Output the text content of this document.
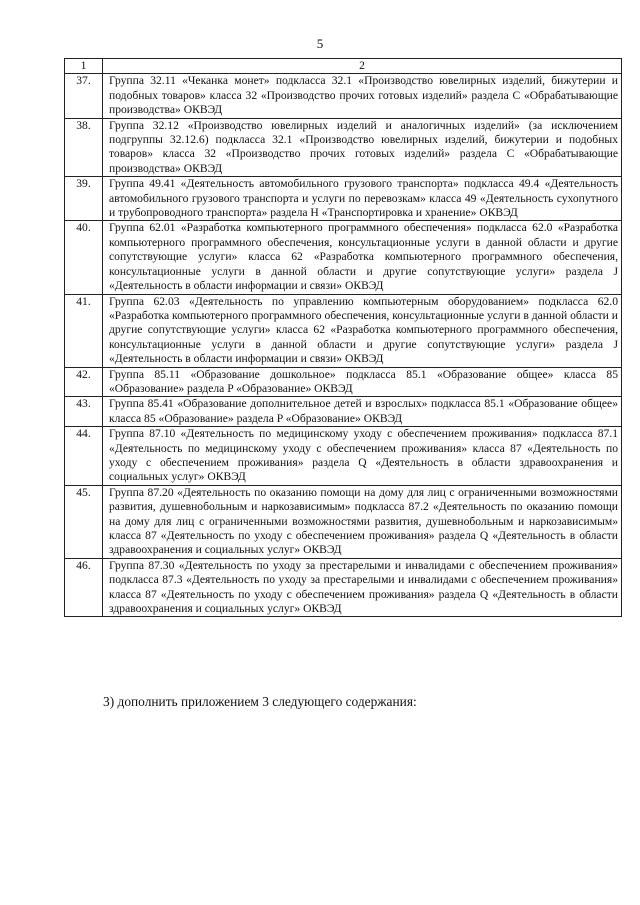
5
1	2
37.	Группа 32.11 «Чеканка монет» подкласса 32.1 «Производство ювелирных изделий, бижутерии и подобных товаров» класса 32 «Производство прочих готовых изделий» раздела C «Обрабатывающие производства» ОКВЭД
38.	Группа 32.12 «Производство ювелирных изделий и аналогичных изделий» (за исключением подгруппы 32.12.6) подкласса 32.1 «Производство ювелирных изделий, бижутерии и подобных товаров» класса 32 «Производство прочих готовых изделий» раздела C «Обрабатывающие производства» ОКВЭД
39.	Группа 49.41 «Деятельность автомобильного грузового транспорта» подкласса 49.4 «Деятельность автомобильного грузового транспорта и услуги по перевозкам» класса 49 «Деятельность сухопутного и трубопроводного транспорта» раздела H «Транспортировка и хранение» ОКВЭД
40.	Группа 62.01 «Разработка компьютерного программного обеспечения» подкласса 62.0 «Разработка компьютерного программного обеспечения, консультационные услуги в данной области и другие сопутствующие услуги» класса 62 «Разработка компьютерного программного обеспечения, консультационные услуги в данной области и другие сопутствующие услуги» раздела J «Деятельность в области информации и связи» ОКВЭД
41.	Группа 62.03 «Деятельность по управлению компьютерным оборудованием» подкласса 62.0 «Разработка компьютерного программного обеспечения, консультационные услуги в данной области и другие сопутствующие услуги» класса 62 «Разработка компьютерного программного обеспечения, консультационные услуги в данной области и другие сопутствующие услуги» раздела J «Деятельность в области информации и связи» ОКВЭД
42.	Группа 85.11 «Образование дошкольное» подкласса 85.1 «Образование общее» класса 85 «Образование» раздела P «Образование» ОКВЭД
43.	Группа 85.41 «Образование дополнительное детей и взрослых» подкласса 85.1 «Образование общее» класса 85 «Образование» раздела P «Образование» ОКВЭД
44.	Группа 87.10 «Деятельность по медицинскому уходу с обеспечением проживания» подкласса 87.1 «Деятельность по медицинскому уходу с обеспечением проживания» класса 87 «Деятельность по уходу с обеспечением проживания» раздела Q «Деятельность в области здравоохранения и социальных услуг» ОКВЭД
45.	Группа 87.20 «Деятельность по оказанию помощи на дому для лиц с ограниченными возможностями развития, душевнобольным и наркозависимым» подкласса 87.2 «Деятельность по оказанию помощи на дому для лиц с ограниченными возможностями развития, душевнобольным и наркозависимым» класса 87 «Деятельность по уходу с обеспечением проживания» раздела Q «Деятельность в области здравоохранения и социальных услуг» ОКВЭД
46.	Группа 87.30 «Деятельность по уходу за престарелыми и инвалидами с обеспечением проживания» подкласса 87.3 «Деятельность по уходу за престарелыми и инвалидами с обеспечением проживания» класса 87 «Деятельность по уходу с обеспечением проживания» раздела Q «Деятельность в области здравоохранения и социальных услуг» ОКВЭД
3) дополнить приложением 3 следующего содержания:
